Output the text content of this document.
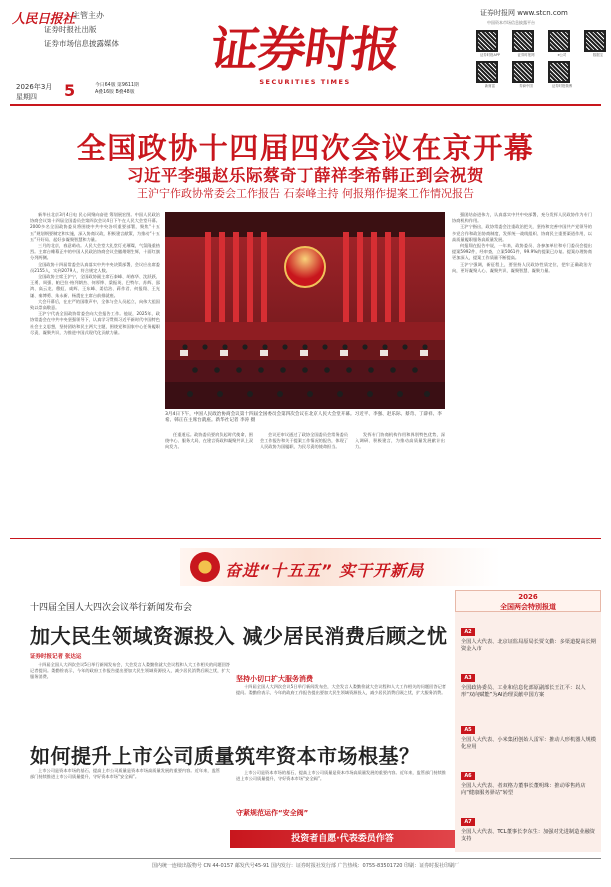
人民日报社
主管主办
证券时报社出版
证券市场信息披露媒体	证券时报
SECURITIES TIMES
2026年3月
星期四	5	今日64版 第9611期
A叠16版 B叠48版
证券时报网 www.stcn.com
中国资本市场信息披露平台
证券时报APP	证券时报网	e公司	数据宝
新财富	券商中国	证券时报微博
全国政协十四届四次会议在京开幕
习近平李强赵乐际蔡奇丁薛祥李希韩正到会祝贺
王沪宁作政协常委会工作报告 石泰峰主持 何报翔作提案工作情况报告

新华社北京3月4日电 民心同聚向奋进 筹划展宏图。中国人民政治协商会议第十四届全国委员会第四次会议4日下午在人民大会堂开幕。2000多名全国政协委员将围绕中共中央各项重要部署，聚焦“十五五”规划纲要制定和实施，深入协商议政，积极建言献策，为推动“十五五”开好局、起好步凝聚智慧和力量。

三月的北京，春意萌动。人民大会堂大礼堂灯光璀璨，气氛隆重热烈。主席台帷幕正中的中国人民政治协商会议会徽熠熠生辉，十面红旗分列两侧。

全国政协十四届常委会认真落实中共中央决策部署，会议应出席委员2155人，实到2079人，符合规定人数。

全国政协主席王沪宁，全国政协副主席石泰峰、胡春华、沈跃跃、王勇、周强、帕巴拉·格列朗杰、何厚铧、梁振英、巴特尔、苏辉、邵鸿、高云龙、穆虹、咸辉、王东峰、姜信治、蒋作君、何报翔、王光谦、秦博勇、朱永新、杨震在主席台前排就座。

大会开幕后，在庄严的国歌声中，全体与会人员起立，向伟大祖国致以崇高敬意。

王沪宁代表全国政协常委会向大会报告工作。他说，2025年，政协常委会在中共中央坚强领导下，认真学习贯彻习近平新时代中国特色社会主义思想，坚持团结和民主两大主题，围绕党和国家中心任务履职尽责，凝聚共识，为推进中国式现代化贡献力量。

3月4日下午，中国人民政治协商会议第十四届全国委员会第四次会议在北京人民大会堂开幕。习近平、李强、赵乐际、蔡奇、丁薛祥、李希、韩正在主席台就座。新华社记者 李涛 摄

强团结奋进伟力，认真落实中共中央部署，充分发挥人民政协作为专门协商机构作用。

王沪宁指出，政协常委会注重政治把关，坚持和完善中国共产党领导的多党合作和政治协商制度，发挥统一战线组织、协商民主重要渠道作用，以高质量履职服务高质量发展。

何报翔在报告中说，一年来，政协委员、各参加单位和专门委员会提出提案5992件，经审查，立案5061件，99.9%的提案已办复。提案办理协商更加深入，提案工作质量不断提高。

王沪宁强调，新征程上，要坚持人民政协性质定位，把牢正确政治方向，更好凝聚人心、凝聚共识、凝聚智慧、凝聚力量。

任重道远。政协委员要肩负起时代使命，围绕中心、服务大局，在建言资政和凝聚共识上双向发力。

会议还审议通过了政协全国委员会常务委员会工作报告和关于提案工作情况的报告，体现了人民政协为国履职、为民尽责的使命担当。

发挥专门协商机构作用和界别特色优势，深入调研、积极建言，为推动高质量发展献计出力。

奋进“十五五” 实干开新局
十四届全国人大四次会议举行新闻发布会
加大民生领域资源投入 减少居民消费后顾之忧
证券时报记者 张达运

十四届全国人大四次会议5日举行新闻发布会，大会发言人娄勤俭就大会议程和人大工作相关的问题回答记者提问。娄勤俭表示，今年的政府工作报告提出要加大民生领域资源投入，减少居民消费后顾之忧，扩大服务消费。	坚持小切口扩大服务消费

十四届全国人大四次会议5日举行新闻发布会，大会发言人娄勤俭就大会议程和人大工作相关的问题回答记者提问。娄勤俭表示，今年的政府工作报告提出要加大民生领域资源投入，减少居民消费后顾之忧，扩大服务消费。

如何提升上市公司质量筑牢资本市场根基？

上市公司是资本市场的基石，提高上市公司质量是资本市场高质量发展的重要内容。近年来，监管部门持续推进上市公司质量提升，守好资本市场“安全阀”。

守紧规范运作“安全阀”

上市公司是资本市场的基石，提高上市公司质量是资本市场高质量发展的重要内容。近年来，监管部门持续推进上市公司质量提升，守好资本市场“安全阀”。

2026
全国两会特别报道
A2
全国人大代表、北京证监局原局长贾文勤：多渠道提高长期资金入市
A3
全国政协委员、工业和信息化部原副部长王江平：以人形“双向赋能”为AI治理贡献中国方案
A5
全国人大代表、小米集团创始人雷军：推动人形机器人规模化应用
A6
全国人大代表、者双格力董事长董明珠：推动零售药店向“健康服务驿站”转型
A7
全国人大代表、TCL董事长李东生：加强对先进制造业融资支持
投资者自愿·代表委员作答
国内统一连续出版物号 CN 44-0157 邮发代号45-91 国内发行：证券时报社发行部 广告热线：0755-83501720 印刷：证券时报社印刷厂
